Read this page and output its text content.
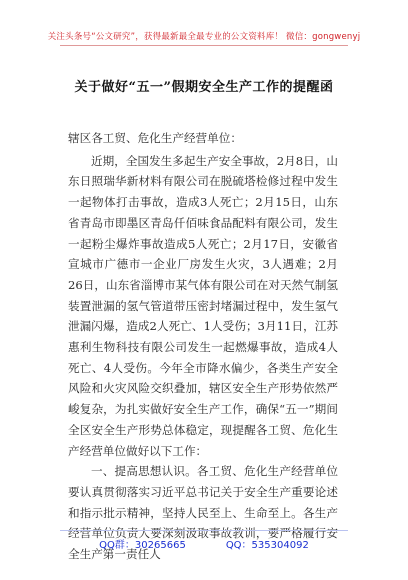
关注头条号“公文研究”，获得最新最全最专业的公文资料库！ 微信：gongwenyj
关于做好“五一”假期安全生产工作的提醒函

辖区各工贸、危化生产经营单位：

近期，全国发生多起生产安全事故，2月8日，山东日照瑞华新材料有限公司在脱硫塔检修过程中发生一起物体打击事故，造成3人死亡；2月15日，山东省青岛市即墨区青岛仟佰味食品配料有限公司，发生一起粉尘爆炸事故造成5人死亡；2月17日，安徽省宣城市广德市一企业厂房发生火灾，3人遇难；2月26日，山东省淄博市某气体有限公司在对天然气制氢装置泄漏的氢气管道带压密封堵漏过程中，发生氢气泄漏闪爆，造成2人死亡、1人受伤；3月11日，江苏惠利生物科技有限公司发生一起燃爆事故，造成4人死亡、4人受伤。今年全市降水偏少，各类生产安全风险和火灾风险交织叠加，辖区安全生产形势依然严峻复杂，为扎实做好安全生产工作，确保“五一”期间全区安全生产形势总体稳定，现提醒各工贸、危化生产经营单位做好以下工作：

一、提高思想认识。各工贸、危化生产经营单位要认真贯彻落实习近平总书记关于安全生产重要论述和指示批示精神，坚持人民至上、生命至上。各生产经营单位负责人要深刻汲取事故教训，要严格履行安全生产第一责任人

QQ群：30265665	QQ：535304092
